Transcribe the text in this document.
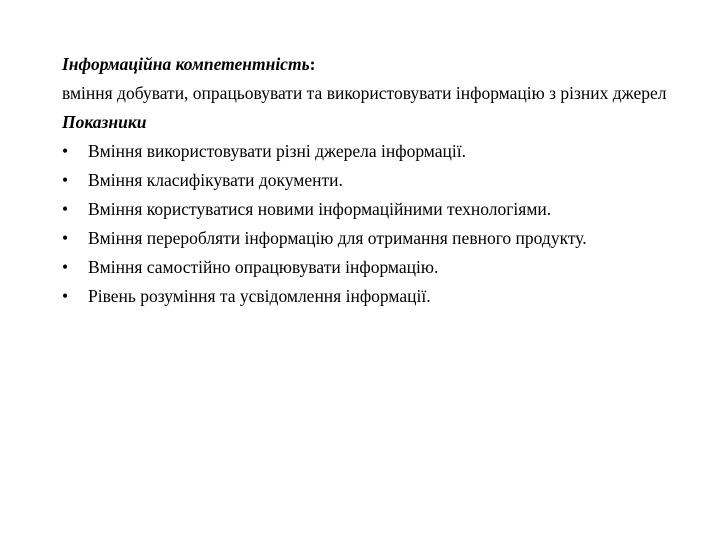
Інформаційна компетентність:

вміння добувати, опрацьовувати та використовувати інформацію з різних джерел

Показники

• Вміння використовувати різні джерела інформації.
• Вміння класифікувати документи.
• Вміння користуватися новими інформаційними технологіями.
• Вміння переробляти інформацію для отримання певного продукту.
• Вміння самостійно опрацювувати інформацію.
• Рівень розуміння та усвідомлення інформації.
